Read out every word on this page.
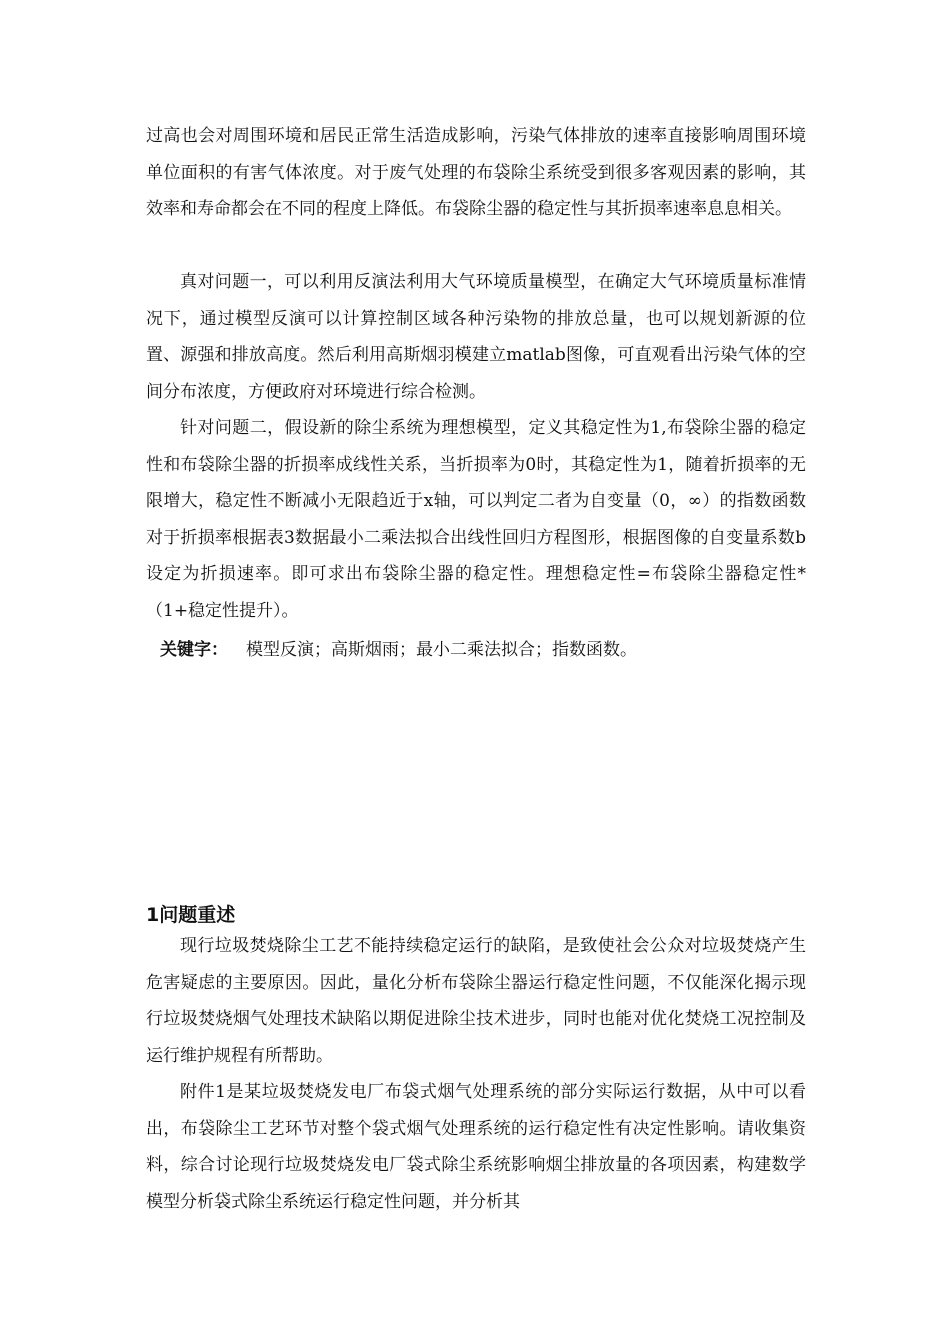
过高也会对周围环境和居民正常生活造成影响，污染气体排放的速率直接影响周围环境单位面积的有害气体浓度。对于废气处理的布袋除尘系统受到很多客观因素的影响，其效率和寿命都会在不同的程度上降低。布袋除尘器的稳定性与其折损率速率息息相关。

真对问题一，可以利用反演法利用大气环境质量模型，在确定大气环境质量标准情况下，通过模型反演可以计算控制区域各种污染物的排放总量，也可以规划新源的位置、源强和排放高度。然后利用高斯烟羽模建立matlab图像，可直观看出污染气体的空间分布浓度，方便政府对环境进行综合检测。

针对问题二，假设新的除尘系统为理想模型，定义其稳定性为1,布袋除尘器的稳定性和布袋除尘器的折损率成线性关系，当折损率为0时，其稳定性为1，随着折损率的无限增大，稳定性不断减小无限趋近于x轴，可以判定二者为自变量（0，∞）的指数函数对于折损率根据表3数据最小二乘法拟合出线性回归方程图形，根据图像的自变量系数b设定为折损速率。即可求出布袋除尘器的稳定性。理想稳定性=布袋除尘器稳定性*（1+稳定性提升）。

关键字： 模型反演；高斯烟雨；最小二乘法拟合；指数函数。
1问题重述

现行垃圾焚烧除尘工艺不能持续稳定运行的缺陷，是致使社会公众对垃圾焚烧产生危害疑虑的主要原因。因此，量化分析布袋除尘器运行稳定性问题，不仅能深化揭示现行垃圾焚烧烟气处理技术缺陷以期促进除尘技术进步，同时也能对优化焚烧工况控制及运行维护规程有所帮助。

附件1是某垃圾焚烧发电厂布袋式烟气处理系统的部分实际运行数据，从中可以看出，布袋除尘工艺环节对整个袋式烟气处理系统的运行稳定性有决定性影响。请收集资料，综合讨论现行垃圾焚烧发电厂袋式除尘系统影响烟尘排放量的各项因素，构建数学模型分析袋式除尘系统运行稳定性问题，并分析其
